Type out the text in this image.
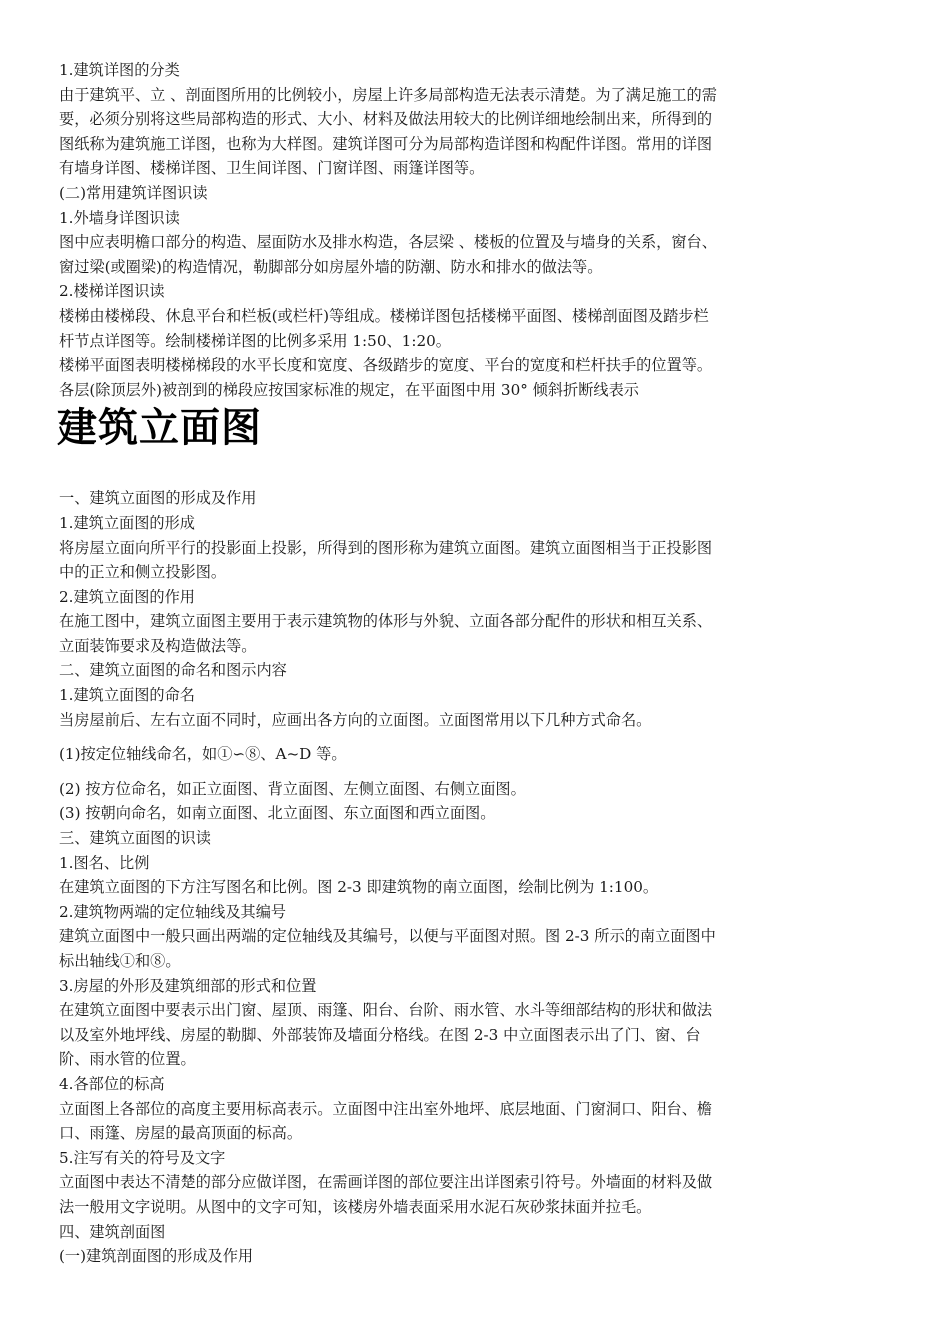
1.建筑详图的分类
由于建筑平、立 、剖面图所用的比例较小，房屋上许多局部构造无法表示清楚。为了满足施工的需
要，必须分别将这些局部构造的形式、大小、材料及做法用较大的比例详细地绘制出来，所得到的
图纸称为建筑施工详图，也称为大样图。建筑详图可分为局部构造详图和构配件详图。常用的详图
有墙身详图、楼梯详图、卫生间详图、门窗详图、雨篷详图等。
(二)常用建筑详图识读
1.外墙身详图识读
图中应表明檐口部分的构造、屋面防水及排水构造，各层梁 、楼板的位置及与墙身的关系，窗台、
窗过梁(或圈梁)的构造情况，勒脚部分如房屋外墙的防潮、防水和排水的做法等。
2.楼梯详图识读
楼梯由楼梯段、休息平台和栏板(或栏杆)等组成。楼梯详图包括楼梯平面图、楼梯剖面图及踏步栏
杆节点详图等。绘制楼梯详图的比例多采用 1:50、1:20。
楼梯平面图表明楼梯梯段的水平长度和宽度、各级踏步的宽度、平台的宽度和栏杆扶手的位置等。
各层(除顶层外)被剖到的梯段应按国家标准的规定，在平面图中用 30° 倾斜折断线表示
建筑立面图
一、建筑立面图的形成及作用
1.建筑立面图的形成
将房屋立面向所平行的投影面上投影，所得到的图形称为建筑立面图。建筑立面图相当于正投影图
中的正立和侧立投影图。
2.建筑立面图的作用
在施工图中，建筑立面图主要用于表示建筑物的体形与外貌、立面各部分配件的形状和相互关系、
立面装饰要求及构造做法等。
二、建筑立面图的命名和图示内容
1.建筑立面图的命名
当房屋前后、左右立面不同时，应画出各方向的立面图。立面图常用以下几种方式命名。
(1)按定位轴线命名，如①∽⑧、A~D 等。
(2) 按方位命名，如正立面图、背立面图、左侧立面图、右侧立面图。
(3) 按朝向命名，如南立面图、北立面图、东立面图和西立面图。
三、建筑立面图的识读
1.图名、比例
在建筑立面图的下方注写图名和比例。图 2-3 即建筑物的南立面图，绘制比例为 1:100。
2.建筑物两端的定位轴线及其编号
建筑立面图中一般只画出两端的定位轴线及其编号，以便与平面图对照。图 2-3 所示的南立面图中
标出轴线①和⑧。
3.房屋的外形及建筑细部的形式和位置
在建筑立面图中要表示出门窗、屋顶、雨篷、阳台、台阶、雨水管、水斗等细部结构的形状和做法
以及室外地坪线、房屋的勒脚、外部装饰及墙面分格线。在图 2-3 中立面图表示出了门、窗、台
阶、雨水管的位置。
4.各部位的标高
立面图上各部位的高度主要用标高表示。立面图中注出室外地坪、底层地面、门窗洞口、阳台、檐
口、雨篷、房屋的最高顶面的标高。
5.注写有关的符号及文字
立面图中表达不清楚的部分应做详图，在需画详图的部位要注出详图索引符号。外墙面的材料及做
法一般用文字说明。从图中的文字可知，该楼房外墙表面采用水泥石灰砂浆抹面并拉毛。
四、建筑剖面图
(一)建筑剖面图的形成及作用
